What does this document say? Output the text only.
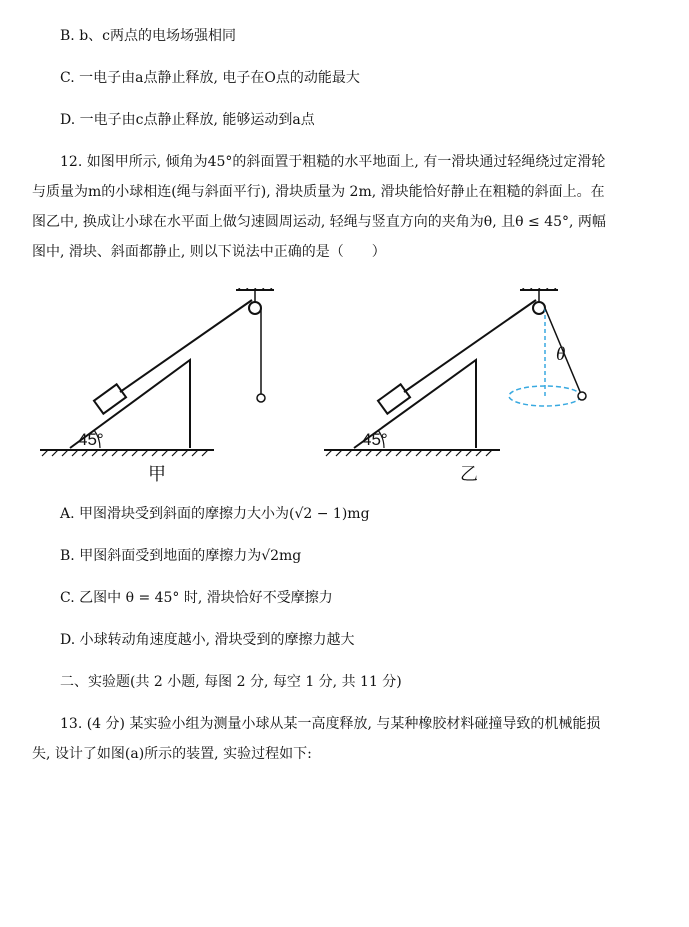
B. b、c两点的电场场强相同
C. 一电子由a点静止释放, 电子在O点的动能最大
D. 一电子由c点静止释放, 能够运动到a点
12. 如图甲所示, 倾角为45°的斜面置于粗糙的水平地面上, 有一滑块通过轻绳绕过定滑轮
与质量为m的小球相连(绳与斜面平行), 滑块质量为 2m, 滑块能恰好静止在粗糙的斜面上。在
图乙中, 换成让小球在水平面上做匀速圆周运动, 轻绳与竖直方向的夹角为θ, 且θ ≤ 45°, 两幅
图中, 滑块、斜面都静止, 则以下说法中正确的是（　　）
45°	45°
θ
甲	乙
A. 甲图滑块受到斜面的摩擦力大小为(√2 − 1)mg
B. 甲图斜面受到地面的摩擦力为√2mg
C. 乙图中 θ = 45° 时, 滑块恰好不受摩擦力
D. 小球转动角速度越小, 滑块受到的摩擦力越大
二、实验题(共 2 小题, 每图 2 分, 每空 1 分, 共 11 分)
13. (4 分) 某实验小组为测量小球从某一高度释放, 与某种橡胶材料碰撞导致的机械能损
失, 设计了如图(a)所示的装置, 实验过程如下:
